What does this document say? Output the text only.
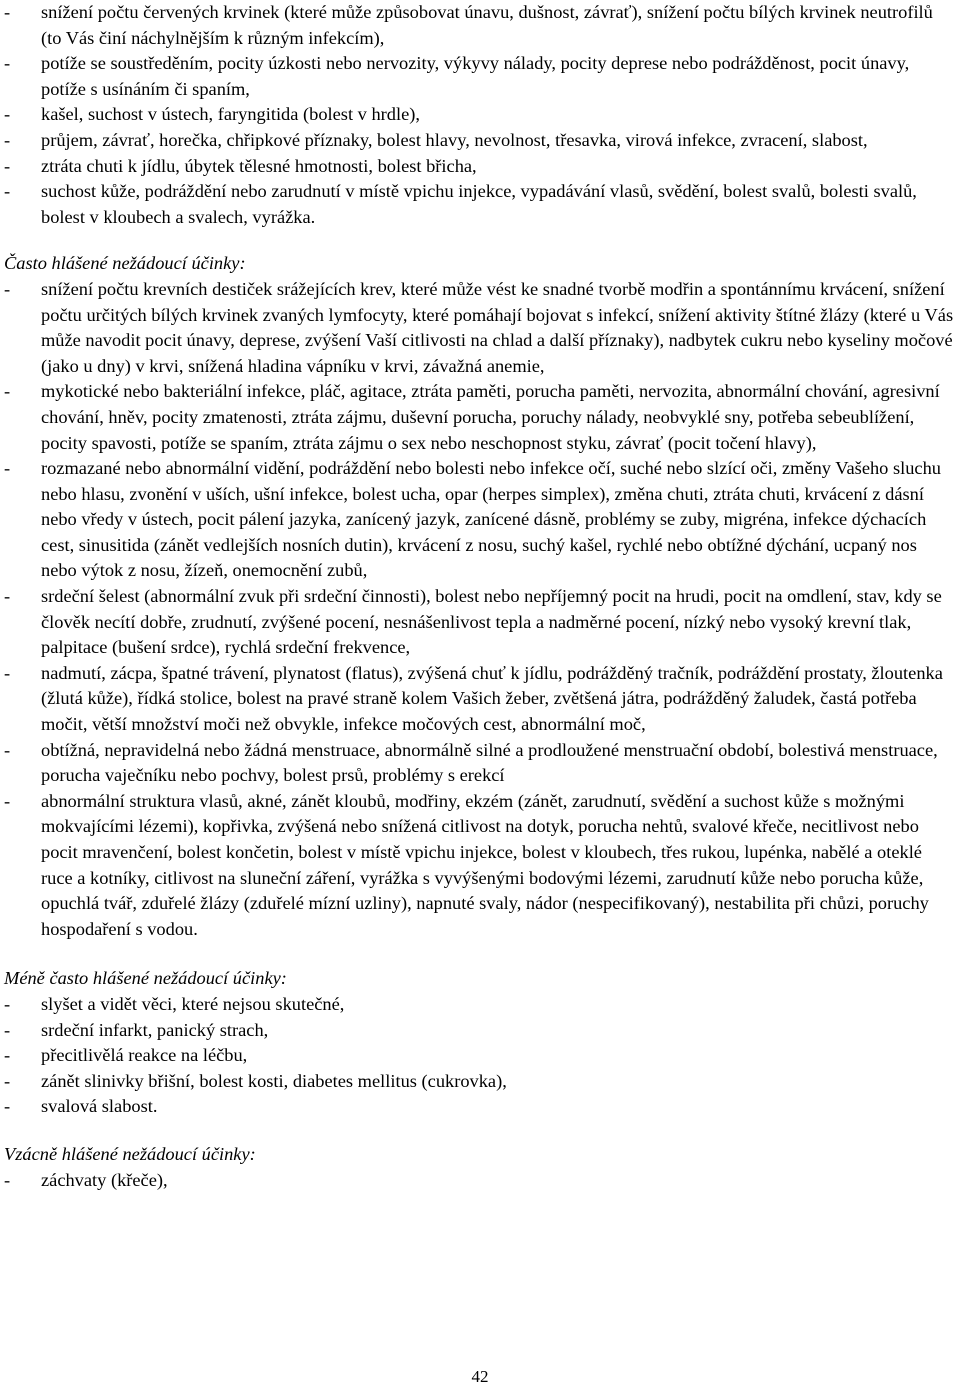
- snížení počtu červených krvinek (které může způsobovat únavu, dušnost, závrať), snížení počtu bílých krvinek neutrofilů (to Vás činí náchylnějším k různým infekcím),
- potíže se soustředěním, pocity úzkosti nebo nervozity, výkyvy nálady, pocity deprese nebo podrážděnost, pocit únavy, potíže s usínáním či spaním,
- kašel, suchost v ústech, faryngitida (bolest v hrdle),
- průjem, závrať, horečka, chřipkové příznaky, bolest hlavy, nevolnost, třesavka, virová infekce, zvracení, slabost,
- ztráta chuti k jídlu, úbytek tělesné hmotnosti, bolest břicha,
- suchost kůže, podráždění nebo zarudnutí v místě vpichu injekce, vypadávání vlasů, svědění, bolest svalů, bolesti svalů, bolest v kloubech a svalech, vyrážka.

Často hlášené nežádoucí účinky:

- snížení počtu krevních destiček srážejících krev, které může vést ke snadné tvorbě modřin a spontánnímu krvácení, snížení počtu určitých bílých krvinek zvaných lymfocyty, které pomáhají bojovat s infekcí, snížení aktivity štítné žlázy (které u Vás může navodit pocit únavy, deprese, zvýšení Vaší citlivosti na chlad a další příznaky), nadbytek cukru nebo kyseliny močové (jako u dny) v krvi, snížená hladina vápníku v krvi, závažná anemie,
- mykotické nebo bakteriální infekce, pláč, agitace, ztráta paměti, porucha paměti, nervozita, abnormální chování, agresivní chování, hněv, pocity zmatenosti, ztráta zájmu, duševní porucha, poruchy nálady, neobvyklé sny, potřeba sebeublížení, pocity spavosti, potíže se spaním, ztráta zájmu o sex nebo neschopnost styku, závrať (pocit točení hlavy),
- rozmazané nebo abnormální vidění, podráždění nebo bolesti nebo infekce očí, suché nebo slzící oči, změny Vašeho sluchu nebo hlasu, zvonění v uších, ušní infekce, bolest ucha, opar (herpes simplex), změna chuti, ztráta chuti, krvácení z dásní nebo vředy v ústech, pocit pálení jazyka, zanícený jazyk, zanícené dásně, problémy se zuby, migréna, infekce dýchacích cest, sinusitida (zánět vedlejších nosních dutin), krvácení z nosu, suchý kašel, rychlé nebo obtížné dýchání, ucpaný nos nebo výtok z nosu, žízeň, onemocnění zubů,
- srdeční šelest (abnormální zvuk při srdeční činnosti), bolest nebo nepříjemný pocit na hrudi, pocit na omdlení, stav, kdy se člověk necítí dobře, zrudnutí, zvýšené pocení, nesnášenlivost tepla a nadměrné pocení, nízký nebo vysoký krevní tlak, palpitace (bušení srdce), rychlá srdeční frekvence,
- nadmutí, zácpa, špatné trávení, plynatost (flatus), zvýšená chuť k jídlu, podrážděný tračník, podráždění prostaty, žloutenka (žlutá kůže), řídká stolice, bolest na pravé straně kolem Vašich žeber, zvětšená játra, podrážděný žaludek, častá potřeba močit, větší množství moči než obvykle, infekce močových cest, abnormální moč,
- obtížná, nepravidelná nebo žádná menstruace, abnormálně silné a prodloužené menstruační období, bolestivá menstruace, porucha vaječníku nebo pochvy, bolest prsů, problémy s erekcí
- abnormální struktura vlasů, akné, zánět kloubů, modřiny, ekzém (zánět, zarudnutí, svědění a suchost kůže s možnými mokvajícími lézemi), kopřivka, zvýšená nebo snížená citlivost na dotyk, porucha nehtů, svalové křeče, necitlivost nebo pocit mravenčení, bolest končetin, bolest v místě vpichu injekce, bolest v kloubech, třes rukou, lupénka, nabělé a oteklé ruce a kotníky, citlivost na sluneční záření, vyrážka s vyvýšenými bodovými lézemi, zarudnutí kůže nebo porucha kůže, opuchlá tvář, zduřelé žlázy (zduřelé mízní uzliny), napnuté svaly, nádor (nespecifikovaný), nestabilita při chůzi, poruchy hospodaření s vodou.

Méně často hlášené nežádoucí účinky:

- slyšet a vidět věci, které nejsou skutečné,
- srdeční infarkt, panický strach,
- přecitlivělá reakce na léčbu,
- zánět slinivky břišní, bolest kosti, diabetes mellitus (cukrovka),
- svalová slabost.

Vzácně hlášené nežádoucí účinky:

- záchvaty (křeče),
42
